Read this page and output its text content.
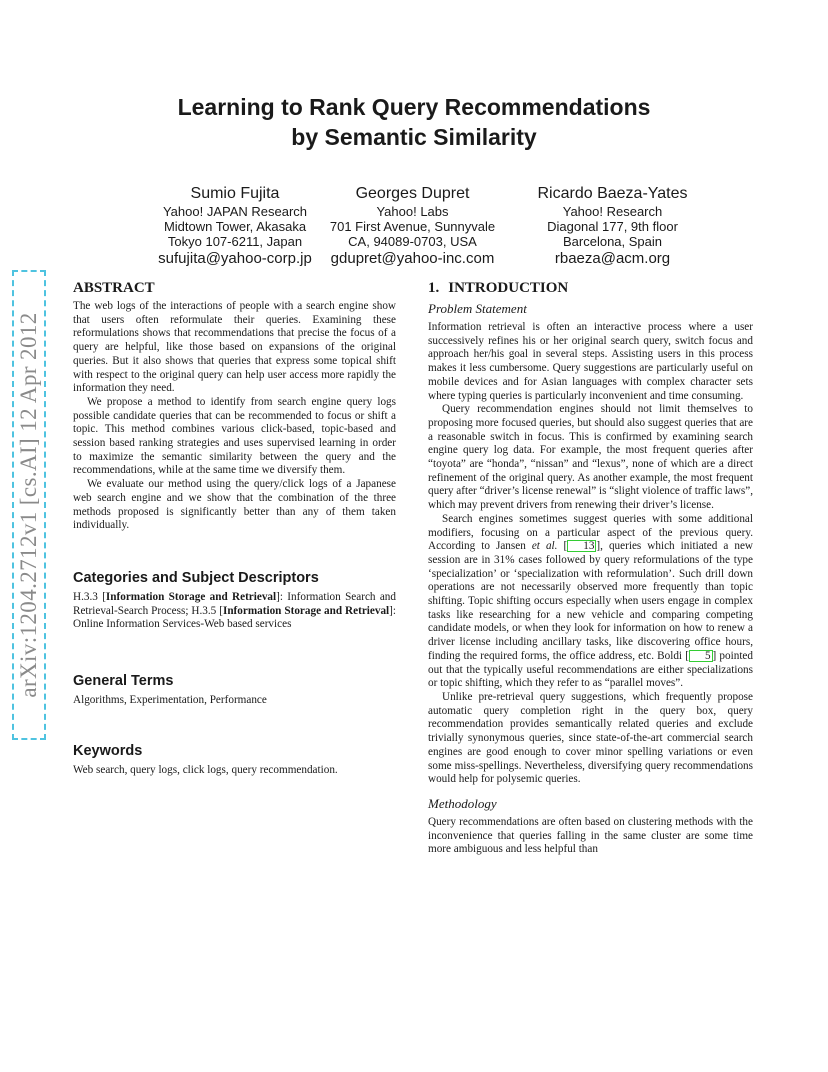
arXiv:1204.2712v1 [cs.AI] 12 Apr 2012
Learning to Rank Query Recommendations
by Semantic Similarity
Sumio Fujita
Yahoo! JAPAN Research
Midtown Tower, Akasaka
Tokyo 107-6211, Japan
sufujita@yahoo-corp.jp
Georges Dupret
Yahoo! Labs
701 First Avenue, Sunnyvale
CA, 94089-0703, USA
gdupret@yahoo-inc.com
Ricardo Baeza-Yates
Yahoo! Research
Diagonal 177, 9th floor
Barcelona, Spain
rbaeza@acm.org
ABSTRACT

The web logs of the interactions of people with a search engine show that users often reformulate their queries. Examining these reformulations shows that recommendations that precise the focus of a query are helpful, like those based on expansions of the original queries. But it also shows that queries that express some topical shift with respect to the original query can help user access more rapidly the information they need.

We propose a method to identify from search engine query logs possible candidate queries that can be recommended to focus or shift a topic. This method combines various click-based, topic-based and session based ranking strategies and uses supervised learning in order to maximize the semantic similarity between the query and the recommendations, while at the same time we diversify them.

We evaluate our method using the query/click logs of a Japanese web search engine and we show that the combination of the three methods proposed is significantly better than any of them taken individually.

Categories and Subject Descriptors

H.3.3 [Information Storage and Retrieval]: Information Search and Retrieval-Search Process; H.3.5 [Information Storage and Retrieval]: Online Information Services-Web based services

General Terms

Algorithms, Experimentation, Performance

Keywords

Web search, query logs, click logs, query recommendation.

1. INTRODUCTION
Problem Statement

Information retrieval is often an interactive process where a user successively refines his or her original search query, switch focus and approach her/his goal in several steps. Assisting users in this process makes it less cumbersome. Query suggestions are particularly useful on mobile devices and for Asian languages with complex character sets where typing queries is particularly inconvenient and time consuming.

Query recommendation engines should not limit themselves to proposing more focused queries, but should also suggest queries that are a reasonable switch in focus. This is confirmed by examining search engine query log data. For example, the most frequent queries after “toyota” are “honda”, “nissan” and “lexus”, none of which are a direct refinement of the original query. As another example, the most frequent query after “driver’s license renewal” is “slight violence of traffic laws”, which may prevent drivers from renewing their driver’s license.

Search engines sometimes suggest queries with some additional modifiers, focusing on a particular aspect of the previous query. According to Jansen et al. [ 13 ], queries which initiated a new session are in 31% cases followed by query reformulations of the type ‘specialization’ or ‘specialization with reformulation’. Such drill down operations are not necessarily observed more frequently than topic shifting. Topic shifting occurs especially when users engage in complex tasks like researching for a new vehicle and comparing competing candidate models, or when they look for information on how to renew a driver license including ancillary tasks, like discovering office hours, finding the required forms, the office address, etc. Boldi [ 5 ] pointed out that the typically useful recommendations are either specializations or topic shifting, which they refer to as “parallel moves”.

Unlike pre-retrieval query suggestions, which frequently propose automatic query completion right in the query box, query recommendation provides semantically related queries and exclude trivially synonymous queries, since state-of-the-art commercial search engines are good enough to cover minor spelling variations or even some miss-spellings. Nevertheless, diversifying query recommendations would help for polysemic queries.

Methodology

Query recommendations are often based on clustering methods with the inconvenience that queries falling in the same cluster are some time more ambiguous and less helpful than
